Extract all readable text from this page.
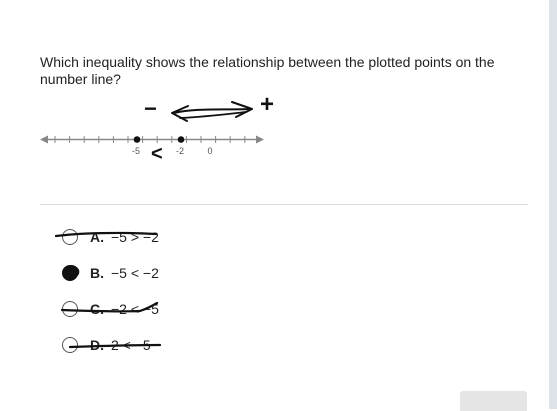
Which inequality shows the relationship between the plotted points on the number line?
-5	-2	0
−	+
<
A. −5 > −2
B. −5 < −2
C. −2 < −5
D. 2 < −5
